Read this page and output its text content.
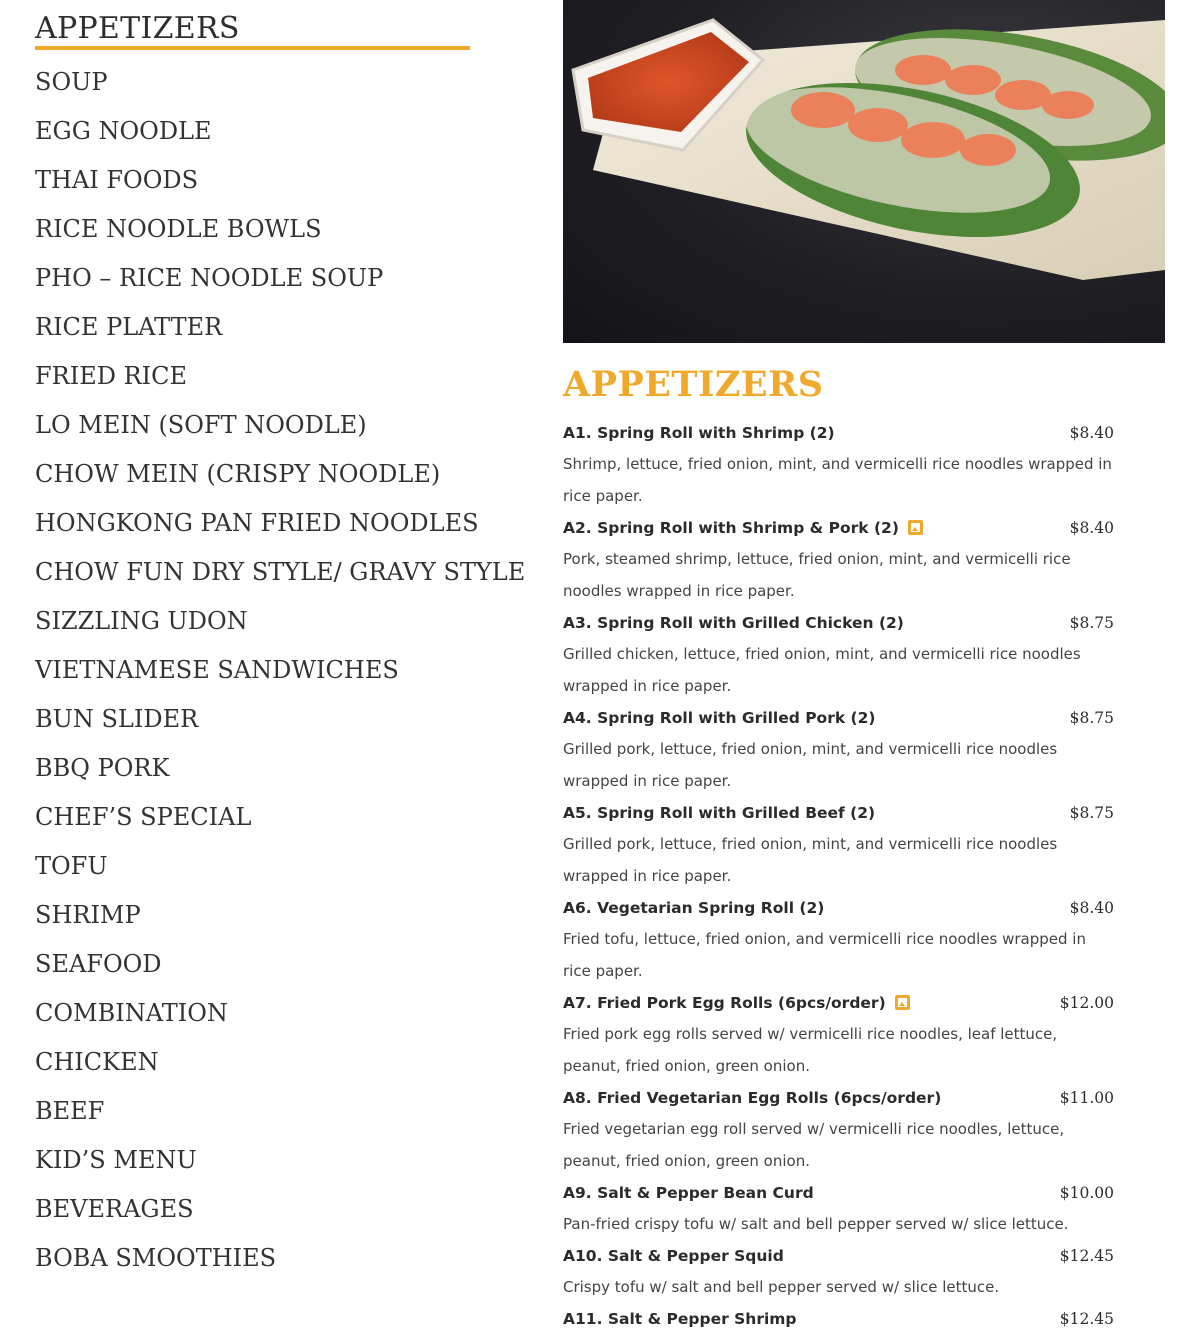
APPETIZERS
SOUP
EGG NOODLE
THAI FOODS
RICE NOODLE BOWLS
PHO – RICE NOODLE SOUP
RICE PLATTER
FRIED RICE
LO MEIN (SOFT NOODLE)
CHOW MEIN (CRISPY NOODLE)
HONGKONG PAN FRIED NOODLES
CHOW FUN DRY STYLE/ GRAVY STYLE
SIZZLING UDON
VIETNAMESE SANDWICHES
BUN SLIDER
BBQ PORK
CHEF’S SPECIAL
TOFU
SHRIMP
SEAFOOD
COMBINATION
CHICKEN
BEEF
KID’S MENU
BEVERAGES
BOBA SMOOTHIES
APPETIZERS
A1. Spring Roll with Shrimp (2)	$8.40

Shrimp, lettuce, fried onion, mint, and vermicelli rice noodles wrapped in rice paper.

A2. Spring Roll with Shrimp & Pork (2)	$8.40

Pork, steamed shrimp, lettuce, fried onion, mint, and vermicelli rice noodles wrapped in rice paper.

A3. Spring Roll with Grilled Chicken (2)	$8.75

Grilled chicken, lettuce, fried onion, mint, and vermicelli rice noodles wrapped in rice paper.

A4. Spring Roll with Grilled Pork (2)	$8.75

Grilled pork, lettuce, fried onion, mint, and vermicelli rice noodles wrapped in rice paper.

A5. Spring Roll with Grilled Beef (2)	$8.75

Grilled pork, lettuce, fried onion, mint, and vermicelli rice noodles wrapped in rice paper.

A6. Vegetarian Spring Roll (2)	$8.40

Fried tofu, lettuce, fried onion, and vermicelli rice noodles wrapped in rice paper.

A7. Fried Pork Egg Rolls (6pcs/order)	$12.00

Fried pork egg rolls served w/ vermicelli rice noodles, leaf lettuce, peanut, fried onion, green onion.

A8. Fried Vegetarian Egg Rolls (6pcs/order)	$11.00

Fried vegetarian egg roll served w/ vermicelli rice noodles, lettuce, peanut, fried onion, green onion.

A9. Salt & Pepper Bean Curd	$10.00

Pan-fried crispy tofu w/ salt and bell pepper served w/ slice lettuce.

A10. Salt & Pepper Squid	$12.45

Crispy tofu w/ salt and bell pepper served w/ slice lettuce.

A11. Salt & Pepper Shrimp	$12.45
